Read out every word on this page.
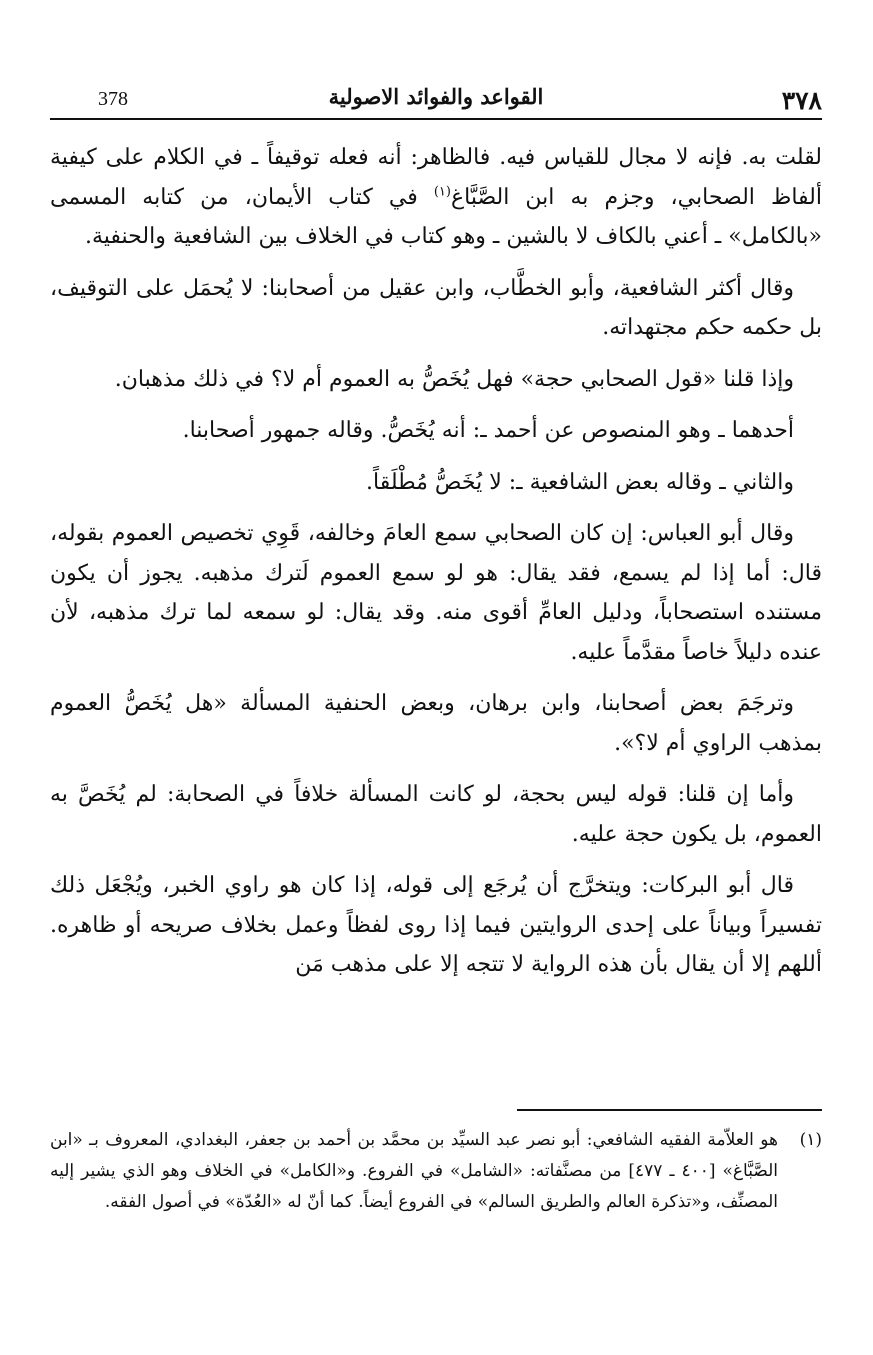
٣٧٨
القواعد والفوائد الاصولية
378

لقلت به. فإنه لا مجال للقياس فيه. فالظاهر: أنه فعله توقيفاً ـ في الكلام على كيفية ألفاظ الصحابي، وجزم به ابن الصَّبَّاغ$^{(١)}$ في كتاب الأيمان، من كتابه المسمى «بالكامل» ـ أعني بالكاف لا بالشين ـ وهو كتاب في الخلاف بين الشافعية والحنفية.

وقال أكثر الشافعية، وأبو الخطَّاب، وابن عقيل من أصحابنا: لا يُحمَل على التوقيف، بل حكمه حكم مجتهداته.

وإذا قلنا «قول الصحابي حجة» فهل يُخَصُّ به العموم أم لا؟ في ذلك مذهبان.

أحدهما ـ وهو المنصوص عن أحمد ـ: أنه يُخَصُّ. وقاله جمهور أصحابنا.

والثاني ـ وقاله بعض الشافعية ـ: لا يُخَصُّ مُطْلَقاً.

وقال أبو العباس: إن كان الصحابي سمع العامَ وخالفه، قَوِي تخصيص العموم بقوله، قال: أما إذا لم يسمع، فقد يقال: هو لو سمع العموم لَترك مذهبه. يجوز أن يكون مستنده استصحاباً، ودليل العامِّ أقوى منه. وقد يقال: لو سمعه لما ترك مذهبه، لأن عنده دليلاً خاصاً مقدَّماً عليه.

وترجَمَ بعض أصحابنا، وابن برهان، وبعض الحنفية المسألة «هل يُخَصُّ العموم بمذهب الراوي أم لا؟».

وأما إن قلنا: قوله ليس بحجة، لو كانت المسألة خلافاً في الصحابة: لم يُخَصَّ به العموم، بل يكون حجة عليه.

قال أبو البركات: ويتخرَّج أن يُرجَع إلى قوله، إذا كان هو راوي الخبر، ويُجْعَل ذلك تفسيراً وبياناً على إحدى الروايتين فيما إذا روى لفظاً وعمل بخلاف صريحه أو ظاهره. أللهم إلا أن يقال بأن هذه الرواية لا تتجه إلا على مذهب مَن

(١)
هو العلاّمة الفقيه الشافعي: أبو نصر عبد السيِّد بن محمَّد بن أحمد بن جعفر، البغدادي، المعروف بـ «ابن الصَّبَّاغ» [٤٠٠ ـ ٤٧٧] من مصنَّفاته: «الشامل» في الفروع. و«الكامل» في الخلاف وهو الذي يشير إليه المصنِّف، و«تذكرة العالم والطريق السالم» في الفروع أيضاً. كما أنّ له «العُدّة» في أصول الفقه.
